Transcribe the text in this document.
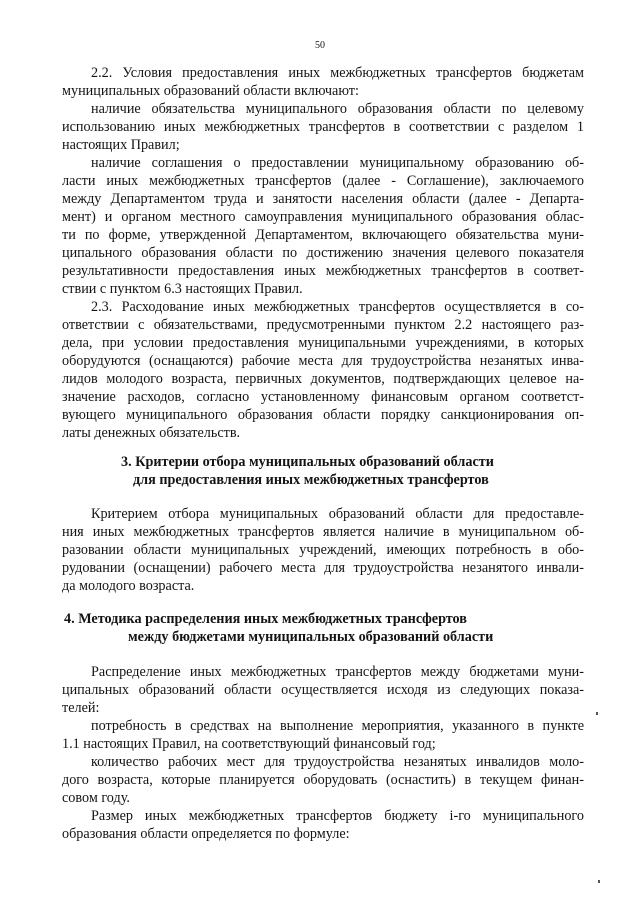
50
2.2. Условия предоставления иных межбюджетных трансфертов бюджетам
муниципальных образований области включают:
наличие обязательства муниципального образования области по целевому
использованию иных межбюджетных трансфертов в соответствии с разделом 1
настоящих Правил;
наличие соглашения о предоставлении муниципальному образованию об-
ласти иных межбюджетных трансфертов (далее - Соглашение), заключаемого
между Департаментом труда и занятости населения области (далее - Департа-
мент) и органом местного самоуправления муниципального образования облас-
ти по форме, утвержденной Департаментом, включающего обязательства муни-
ципального образования области по достижению значения целевого показателя
результативности предоставления иных межбюджетных трансфертов в соответ-
ствии с пунктом 6.3 настоящих Правил.
2.3. Расходование иных межбюджетных трансфертов осуществляется в со-
ответствии с обязательствами, предусмотренными пунктом 2.2 настоящего раз-
дела, при условии предоставления муниципальными учреждениями, в которых
оборудуются (оснащаются) рабочие места для трудоустройства незанятых инва-
лидов молодого возраста, первичных документов, подтверждающих целевое на-
значение расходов, согласно установленному финансовым органом соответст-
вующего муниципального образования области порядку санкционирования оп-
латы денежных обязательств.
3. Критерии отбора муниципальных образований области
для предоставления иных межбюджетных трансфертов
Критерием отбора муниципальных образований области для предоставле-
ния иных межбюджетных трансфертов является наличие в муниципальном об-
разовании области муниципальных учреждений, имеющих потребность в обо-
рудовании (оснащении) рабочего места для трудоустройства незанятого инвали-
да молодого возраста.
4. Методика распределения иных межбюджетных трансфертов
между бюджетами муниципальных образований области
Распределение иных межбюджетных трансфертов между бюджетами муни-
ципальных образований области осуществляется исходя из следующих показа-
телей:
потребность в средствах на выполнение мероприятия, указанного в пункте
1.1 настоящих Правил, на соответствующий финансовый год;
количество рабочих мест для трудоустройства незанятых инвалидов моло-
дого возраста, которые планируется оборудовать (оснастить) в текущем финан-
совом году.
Размер иных межбюджетных трансфертов бюджету i-го муниципального
образования области определяется по формуле:
